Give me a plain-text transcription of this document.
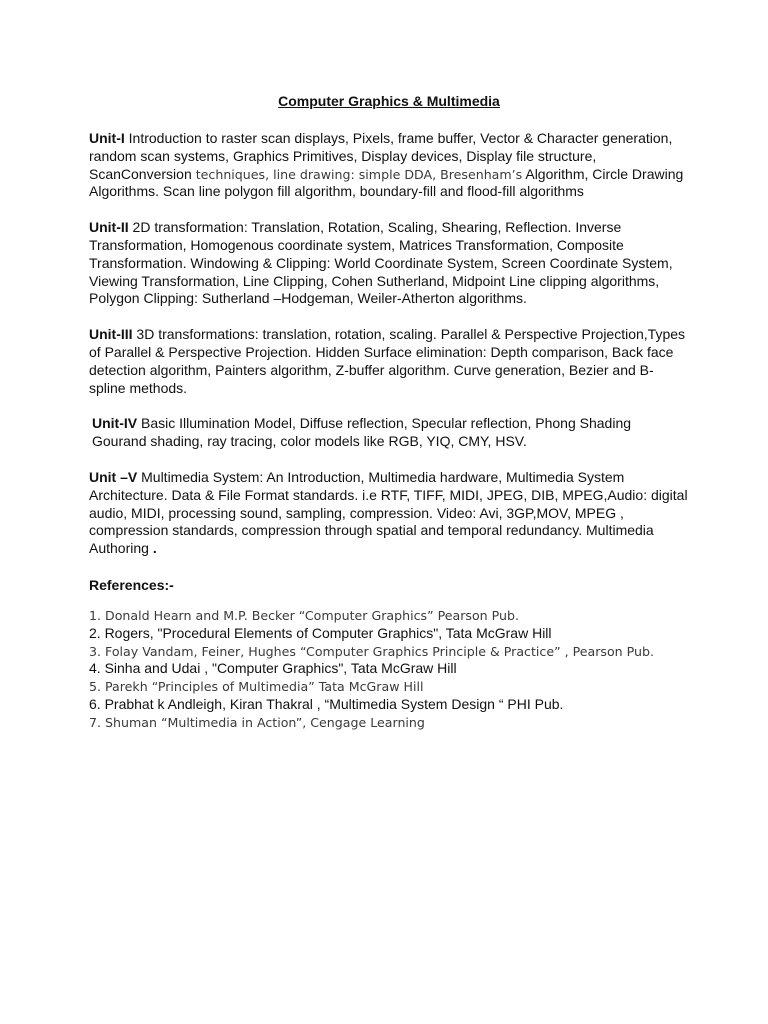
Computer Graphics & Multimedia

Unit-I Introduction to raster scan displays, Pixels, frame buffer, Vector & Character generation, random scan systems, Graphics Primitives, Display devices, Display file structure, ScanConversion techniques, line drawing: simple DDA, Bresenham’s Algorithm, Circle Drawing Algorithms. Scan line polygon fill algorithm, boundary-fill and flood-fill algorithms

Unit-II 2D transformation: Translation, Rotation, Scaling, Shearing, Reflection. Inverse Transformation, Homogenous coordinate system, Matrices Transformation, Composite Transformation. Windowing & Clipping: World Coordinate System, Screen Coordinate System, Viewing Transformation, Line Clipping, Cohen Sutherland, Midpoint Line clipping algorithms, Polygon Clipping: Sutherland –Hodgeman, Weiler-Atherton algorithms.

Unit-III 3D transformations: translation, rotation, scaling. Parallel & Perspective Projection,Types of Parallel & Perspective Projection. Hidden Surface elimination: Depth comparison, Back face detection algorithm, Painters algorithm, Z-buffer algorithm. Curve generation, Bezier and B-spline methods.

Unit-IV Basic Illumination Model, Diffuse reflection, Specular reflection, Phong Shading Gourand shading, ray tracing, color models like RGB, YIQ, CMY, HSV.

Unit –V Multimedia System: An Introduction, Multimedia hardware, Multimedia System Architecture. Data & File Format standards. i.e RTF, TIFF, MIDI, JPEG, DIB, MPEG,Audio: digital audio, MIDI, processing sound, sampling, compression. Video: Avi, 3GP,MOV, MPEG , compression standards, compression through spatial and temporal redundancy. Multimedia Authoring .

References:-
1. Donald Hearn and M.P. Becker “Computer Graphics” Pearson Pub.
2. Rogers, "Procedural Elements of Computer Graphics", Tata McGraw Hill
3. Folay Vandam, Feiner, Hughes “Computer Graphics Principle & Practice” , Pearson Pub.
4. Sinha and Udai , "Computer Graphics", Tata McGraw Hill
5. Parekh “Principles of Multimedia” Tata McGraw Hill
6. Prabhat k Andleigh, Kiran Thakral , “Multimedia System Design “ PHI Pub.
7. Shuman “Multimedia in Action”, Cengage Learning
